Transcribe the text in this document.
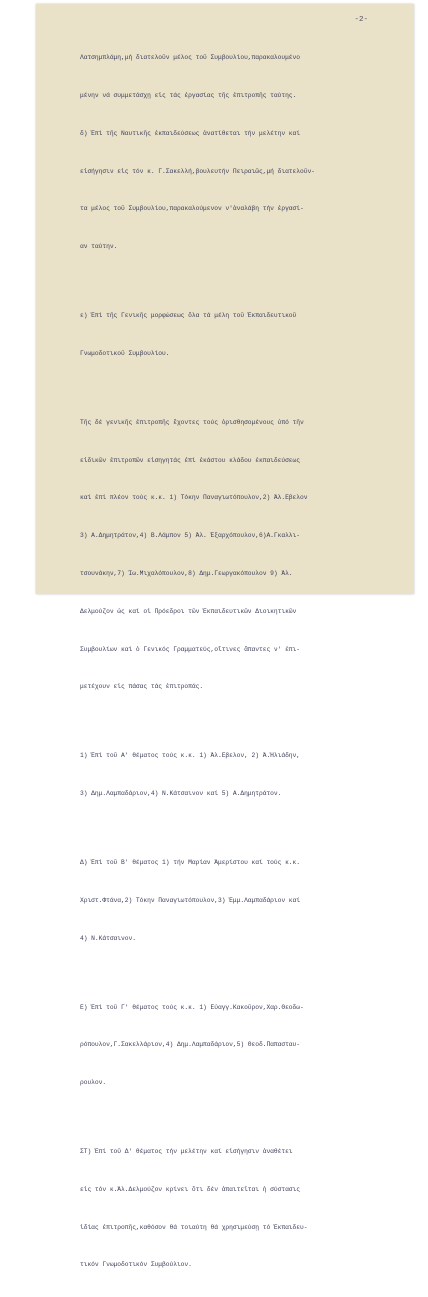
-2-

Λατσημπλάμη,μή διατελοῦν μέλος τοῦ Συμβουλίου,παρακαλουμένο

μένην νά συμμετάσχῃ εἰς τάς ἐργασίας τῆς ἐπιτροπῆς ταύτης.

δ) Ἐπί τῆς Ναυτικῆς ἐκπαιδεύσεως ἀνατίθεται τήν μελέτην καί

εἰσήγησιν εἰς τόν κ. Γ.Σακελλή,βουλευτήν Πειραιῶς,μή διατελοῦν-

τα μέλος τοῦ Συμβουλίου,παρακαλούμενον ν'ἀναλάβη τήν ἐργασί-

αν ταύτην.

ε) Ἐπί τῆς Γενικῆς μορφώσεως ὅλα τά μέλη τοῦ Ἐκπαιδευτικοῦ

Γνωμοδοτικοῦ Συμβουλίου.

Τῆς δέ γενικῆς ἐπιτροπῆς ἔχοντες τούς ὁρισθησομένους ὑπό τῆν

εἰδικῶν ἐπιτροπῶν εἰσηγητάς ἐπί ἑκάστου κλάδου ἐκπαιδεύσεως

καί ἐπί πλέον τούς κ.κ. 1) Τόκην Παναγιωτόπουλον,2) Ἀλ.Εβελον

3) Α.Δημητράτον,4) Β.Λάμπον 5) Ἀλ. Ἐξαρχόπουλον,6)Α.Γκαλλι-

τσουνάκην,7) Ἰω.Μιχαλόπουλον,8) Δημ.Γεωργακόπουλον 9) Ἀλ.

Δελμούζον ὡς καί οἱ Πρόεδροι τῶν Ἐκπαιδευτικῶν Διοικητικῶν

Συμβουλίων καί ὁ Γενικός Γραμματεύς,οἵτινες ἅπαντες ν' ἐπι-

μετέχουν εἰς πάσας τάς ἐπιτροπάς.

1) Ἐπί τοῦ Α' θέματος τούς κ.κ. 1) Ἀλ.Εβελον, 2) Ἀ.Ἠλιάδην,

3) Δημ.Λαμπαδάριον,4) Ν.Κάτσαινον καί 5) Α.Δημητράτον.

Δ) Ἐπί τοῦ Β' θέματος 1) τήν Μαρίαν Ἀμερίστου καί τούς κ.κ.

Χριστ.Φτάνα,2) Τόκην Παναγιωτόπουλον,3) Ἐμμ.Λαμπαδάριον καί

4) Ν.Κάτσαινον.

Ε) Ἐπί τοῦ Γ' θέματος τούς κ.κ. 1) Εὐαγγ.Κακοῦρον,Χαρ.Θεοδω-

ρόπουλον,Γ.Σακελλάριον,4) Δημ.Λαμπαδάριον,5) Θεοδ.Παπασταυ-

ρουλον.

ΣΤ) Ἐπί τοῦ Δ' θέματος τήν μελέτην καί εἰσήγησιν ἀναθέτει

εἰς τόν κ.Ἀλ.Δελμούζον κρίνει ὅτι δέν ἀπαιτεῖται ἡ σύστασις

ἰδίας ἐπιτροπῆς,καθόσον θά τοιαύτη θά χρησιμεύσῃ τό Ἐκπαιδευ-

τικόν Γνωμοδοτικόν Συμβούλιον.
